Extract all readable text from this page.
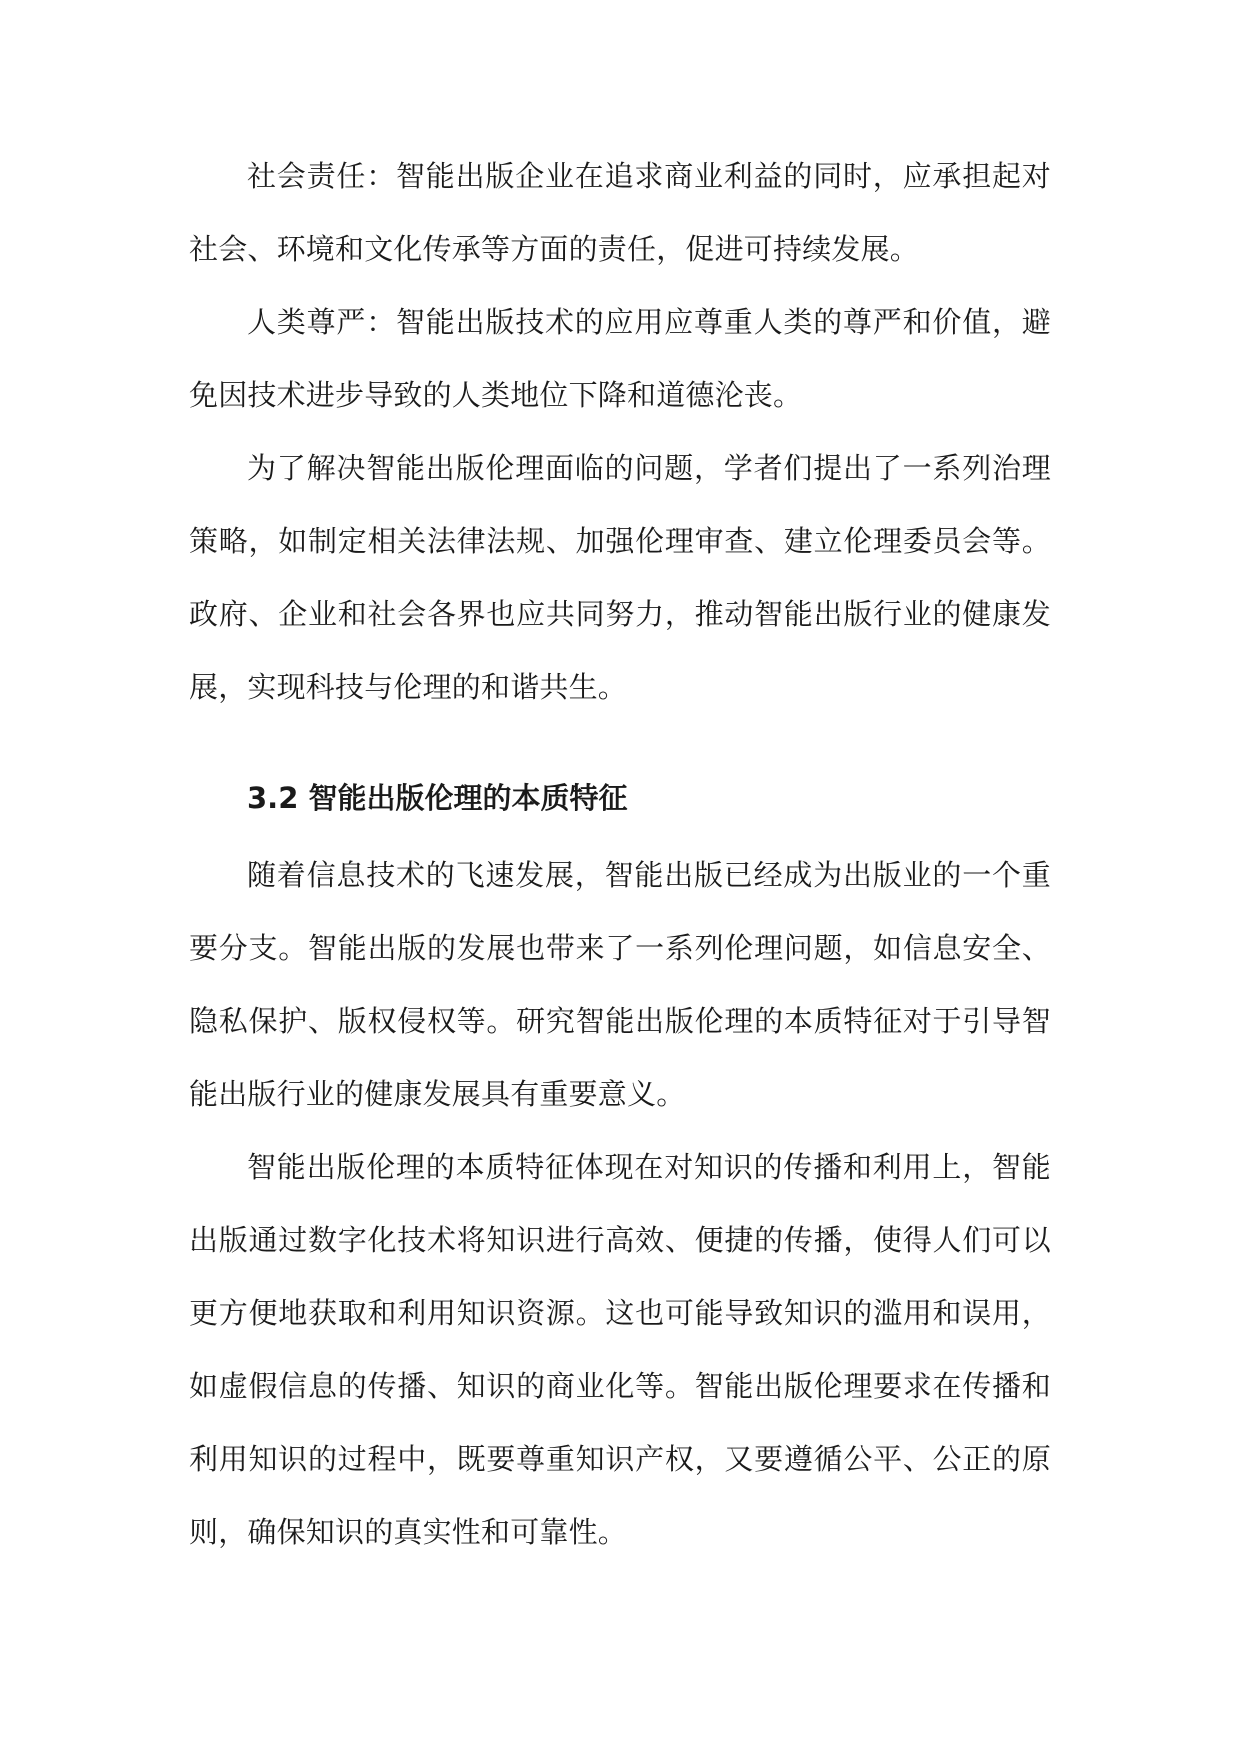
社会责任：智能出版企业在追求商业利益的同时，应承担起对社会、环境和文化传承等方面的责任，促进可持续发展。

人类尊严：智能出版技术的应用应尊重人类的尊严和价值，避免因技术进步导致的人类地位下降和道德沦丧。

为了解决智能出版伦理面临的问题，学者们提出了一系列治理策略，如制定相关法律法规、加强伦理审查、建立伦理委员会等。政府、企业和社会各界也应共同努力，推动智能出版行业的健康发展，实现科技与伦理的和谐共生。

3.2 智能出版伦理的本质特征

随着信息技术的飞速发展，智能出版已经成为出版业的一个重要分支。智能出版的发展也带来了一系列伦理问题，如信息安全、隐私保护、版权侵权等。研究智能出版伦理的本质特征对于引导智能出版行业的健康发展具有重要意义。

智能出版伦理的本质特征体现在对知识的传播和利用上，智能出版通过数字化技术将知识进行高效、便捷的传播，使得人们可以更方便地获取和利用知识资源。这也可能导致知识的滥用和误用，如虚假信息的传播、知识的商业化等。智能出版伦理要求在传播和利用知识的过程中，既要尊重知识产权，又要遵循公平、公正的原则，确保知识的真实性和可靠性。
